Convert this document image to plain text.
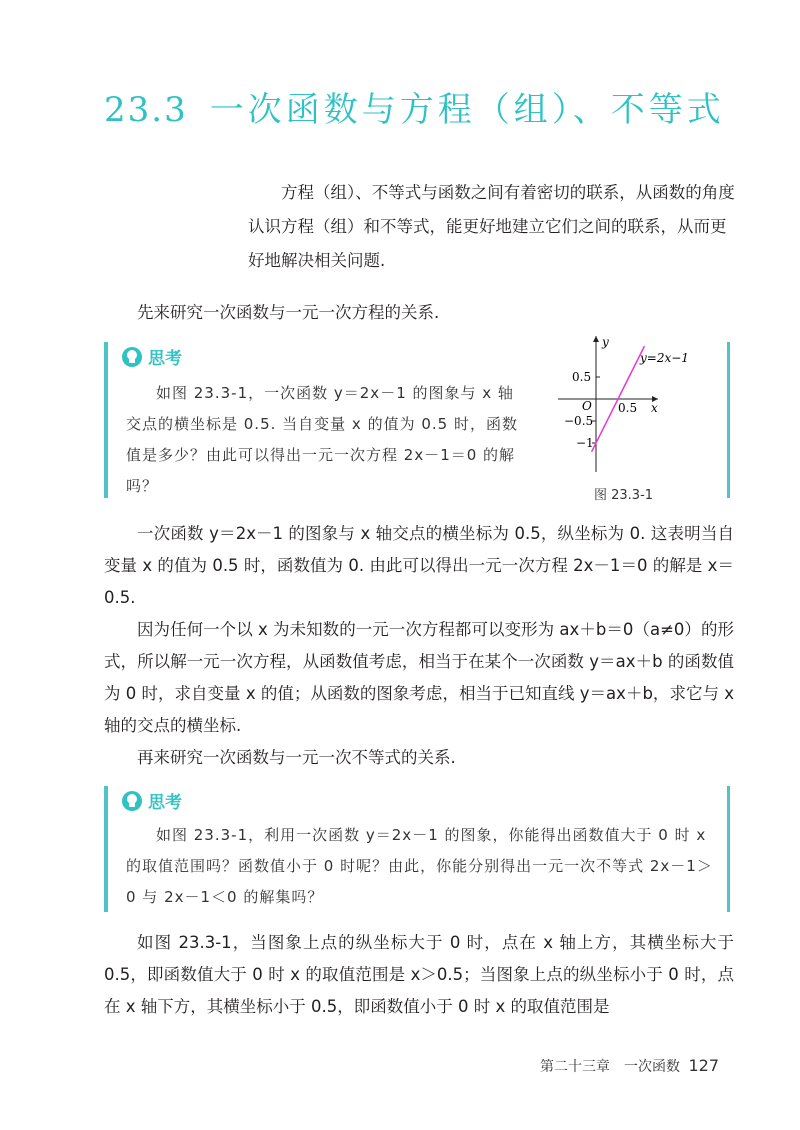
23.3 一次函数与方程（组）、不等式

方程（组）、不等式与函数之间有着密切的联系，从函数的角度认识方程（组）和不等式，能更好地建立它们之间的联系，从而更好地解决相关问题.

先来研究一次函数与一元一次方程的关系.

思考

如图 23.3-1，一次函数 y＝2x－1 的图象与 x 轴交点的横坐标是 0.5. 当自变量 x 的值为 0.5 时，函数值是多少？由此可以得出一元一次方程 2x－1＝0 的解吗？

y
x
O 0.5
0.5
−0.5
−1
y=2x−1
图 23.3-1

一次函数 y＝2x－1 的图象与 x 轴交点的横坐标为 0.5，纵坐标为 0. 这表明当自变量 x 的值为 0.5 时，函数值为 0. 由此可以得出一元一次方程 2x－1＝0 的解是 x＝0.5.

因为任何一个以 x 为未知数的一元一次方程都可以变形为 ax＋b＝0（a≠0）的形式，所以解一元一次方程，从函数值考虑，相当于在某个一次函数 y＝ax＋b 的函数值为 0 时，求自变量 x 的值；从函数的图象考虑，相当于已知直线 y＝ax＋b，求它与 x 轴的交点的横坐标.

再来研究一次函数与一元一次不等式的关系.

思考

如图 23.3-1，利用一次函数 y＝2x－1 的图象，你能得出函数值大于 0 时 x 的取值范围吗？函数值小于 0 时呢？由此，你能分别得出一元一次不等式 2x－1＞0 与 2x－1＜0 的解集吗？

如图 23.3-1，当图象上点的纵坐标大于 0 时，点在 x 轴上方，其横坐标大于 0.5，即函数值大于 0 时 x 的取值范围是 x＞0.5；当图象上点的纵坐标小于 0 时，点在 x 轴下方，其横坐标小于 0.5，即函数值小于 0 时 x 的取值范围是

第二十三章　一次函数 127
